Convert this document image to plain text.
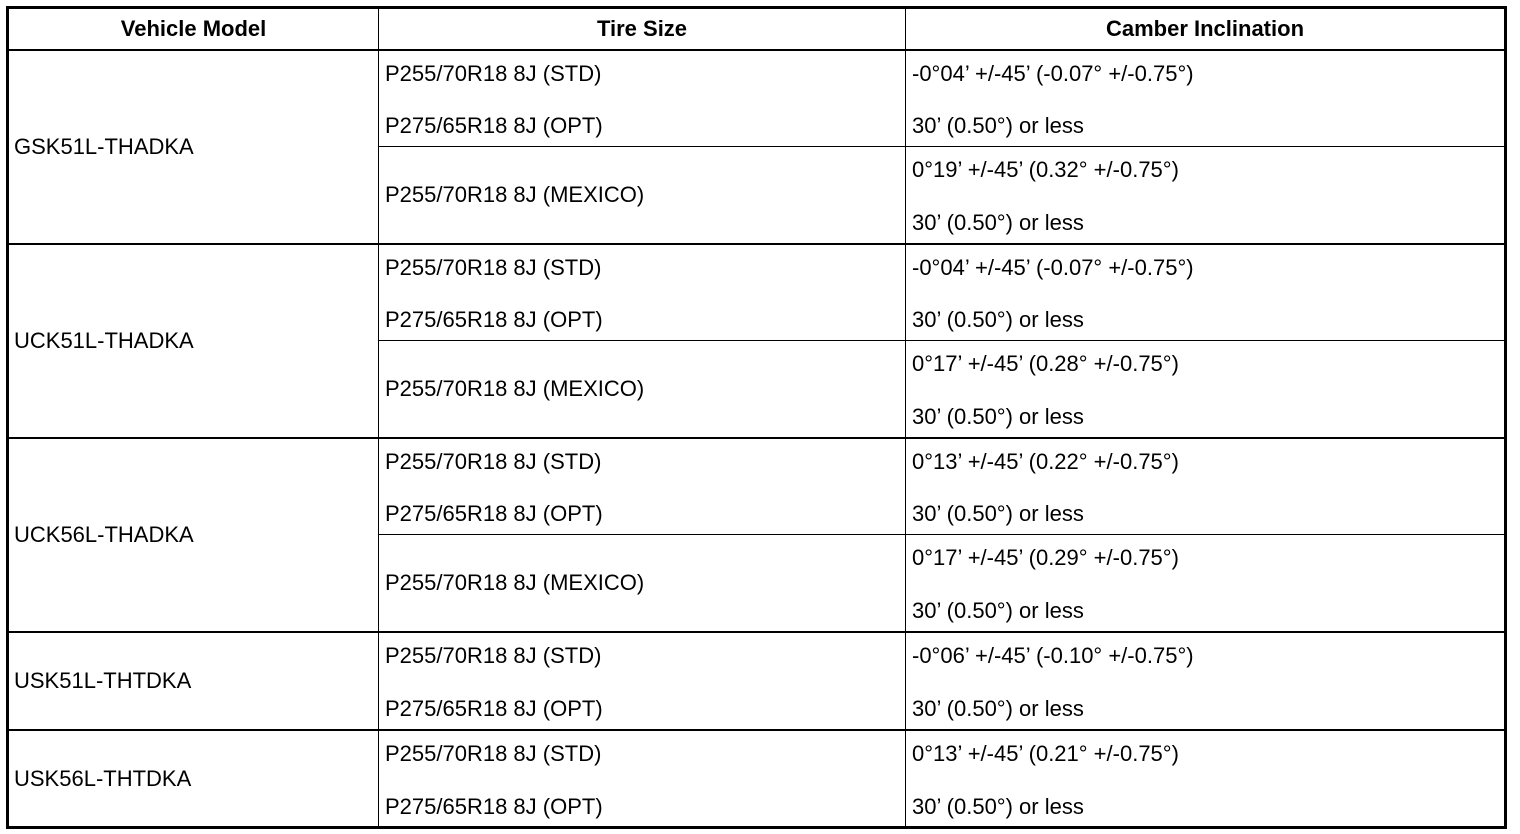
Vehicle Model	Tire Size	Camber Inclination
GSK51L-THADKA
P255/70R18 8J (STD)
P275/65R18 8J (OPT)
-0°04’ +/-45’ (-0.07° +/-0.75°)
30’ (0.50°) or less
P255/70R18 8J (MEXICO)
0°19’ +/-45’ (0.32° +/-0.75°)
30’ (0.50°) or less
UCK51L-THADKA
P255/70R18 8J (STD)
P275/65R18 8J (OPT)
-0°04’ +/-45’ (-0.07° +/-0.75°)
30’ (0.50°) or less
P255/70R18 8J (MEXICO)
0°17’ +/-45’ (0.28° +/-0.75°)
30’ (0.50°) or less
UCK56L-THADKA
P255/70R18 8J (STD)
P275/65R18 8J (OPT)
0°13’ +/-45’ (0.22° +/-0.75°)
30’ (0.50°) or less
P255/70R18 8J (MEXICO)
0°17’ +/-45’ (0.29° +/-0.75°)
30’ (0.50°) or less
USK51L-THTDKA
P255/70R18 8J (STD)
P275/65R18 8J (OPT)
-0°06’ +/-45’ (-0.10° +/-0.75°)
30’ (0.50°) or less
USK56L-THTDKA
P255/70R18 8J (STD)
P275/65R18 8J (OPT)
0°13’ +/-45’ (0.21° +/-0.75°)
30’ (0.50°) or less
